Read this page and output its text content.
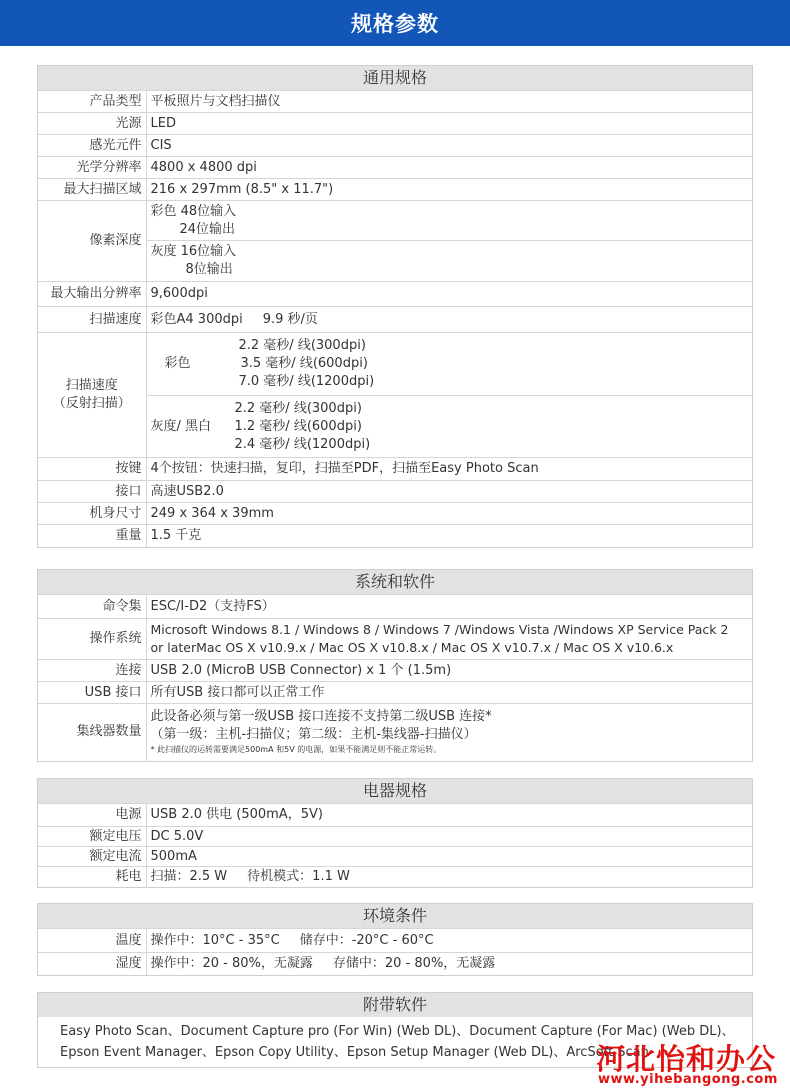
规格参数
通用规格
产品类型	平板照片与文档扫描仪
光源	LED
感光元件	CIS
光学分辨率	4800 x 4800 dpi
最大扫描区域	216 x 297mm (8.5" x 11.7")
像素深度	彩色 48位输入
24位输出

	灰度 16位输入
8位输出

最大输出分辨率	9,600dpi
扫描速度	彩色A4 300dpi 9.9 秒/页

扫描速度
（反射扫描）	彩色
2.2 毫秒/ 线(300dpi)
3.5 毫秒/ 线(600dpi)
7.0 毫秒/ 线(1200dpi)

	灰度/ 黑白
2.2 毫秒/ 线(300dpi)
1.2 毫秒/ 线(600dpi)
2.4 毫秒/ 线(1200dpi)

按键	4个按钮：快速扫描，复印，扫描至PDF，扫描至Easy Photo Scan
接口	高速USB2.0
机身尺寸	249 x 364 x 39mm
重量	1.5 千克
系统和软件
命令集	ESC/I-D2（支持FS）
操作系统	Microsoft Windows 8.1 / Windows 8 / Windows 7 /Windows Vista /Windows XP Service Pack 2
or laterMac OS X v10.9.x / Mac OS X v10.8.x / Mac OS X v10.7.x / Mac OS X v10.6.x

连接	USB 2.0 (MicroB USB Connector) x 1 个 (1.5m)
USB 接口	所有USB 接口都可以正常工作
集线器数量	此设备必须与第一级USB 接口连接不支持第二级USB 连接*
（第一级：主机-扫描仪；第二级：主机-集线器-扫描仪）
* 此扫描仪的运转需要满足500mA 和5V 的电源，如果不能满足则不能正常运转。
电器规格
电源	USB 2.0 供电 (500mA，5V)
额定电压	DC 5.0V
额定电流	500mA
耗电	扫描：2.5 W 待机模式：1.1 W
环境条件
温度	操作中：10°C - 35°C 储存中：-20°C - 60°C
湿度	操作中：20 - 80%，无凝露 存储中：20 - 80%，无凝露
附带软件
Easy Photo Scan、Document Capture pro (For Win) (Web DL)、Document Capture (For Mac) (Web DL)、
Epson Event Manager、Epson Copy Utility、Epson Setup Manager (Web DL)、ArcSoft Scan
河北怡和办公
www.yihebangong.com
